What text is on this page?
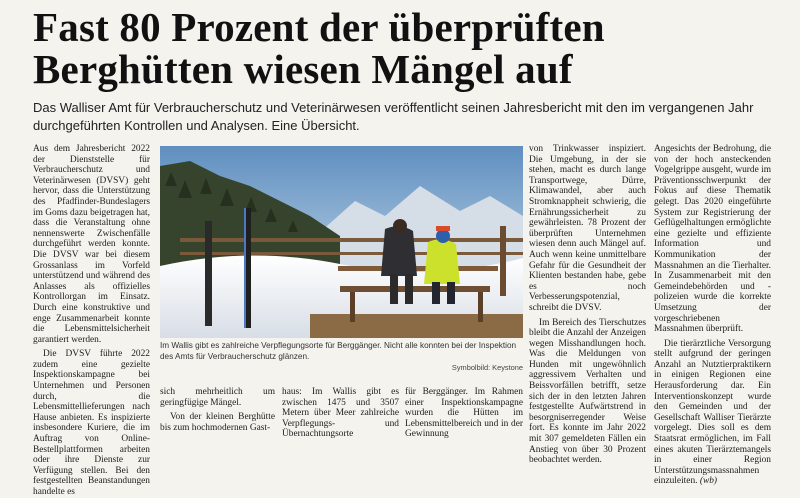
Fast 80 Prozent der überprüften
Berghütten wiesen Mängel auf

Das Walliser Amt für Verbraucherschutz und Veterinärwesen veröffentlicht seinen Jahresbericht mit den im vergangenen Jahr durchgeführten Kontrollen und Analysen. Eine Übersicht.

Aus dem Jahresbericht 2022 der Dienststelle für Verbraucherschutz und Veterinärwesen (DVSV) geht hervor, dass die Unterstützung des Pfadfinder-Bundeslagers im Goms dazu beigetragen hat, dass die Veranstaltung ohne nennenswerte Zwischenfälle durchgeführt werden konnte. Die DVSV war bei diesem Grossanlass im Vorfeld unterstützend und während des Anlasses als offizielles Kontrollorgan im Einsatz. Durch eine konstruktive und enge Zusammenarbeit konnte die Lebensmittelsicherheit garantiert werden.

Die DVSV führte 2022 zudem eine gezielte Inspektionskampagne bei Unternehmen und Personen durch, die Lebensmittellieferungen nach Hause anbieten. Es inspizierte insbesondere Kuriere, die im Auftrag von Online-Bestellplattformen arbeiten oder ihre Dienste zur Verfügung stellen. Bei den festgestellten Beanstandungen handelte es

Im Wallis gibt es zahlreiche Verpflegungsorte für Berggänger. Nicht alle konnten bei der Inspektion des Amts für Verbraucherschutz glänzen.

Symbolbild: Keystone

sich mehrheitlich um geringfügige Mängel.

Von der kleinen Berghütte bis zum hochmodernen Gast-

haus: Im Wallis gibt es zwischen 1475 und 3507 Metern über Meer zahlreiche Verpflegungs- und Übernachtungsorte

für Berggänger. Im Rahmen einer Inspektionskampagne wurden die Hütten im Lebensmittelbereich und in der Gewinnung

von Trinkwasser inspiziert. Die Umgebung, in der sie stehen, macht es durch lange Transportwege, Dürre, Klimawandel, aber auch Stromknappheit schwierig, die Ernährungssicherheit zu gewährleisten. 78 Prozent der überprüften Unternehmen wiesen denn auch Mängel auf. Auch wenn keine unmittelbare Gefahr für die Gesundheit der Klienten bestanden habe, gebe es noch Verbesserungspotenzial, schreibt die DVSV.

Im Bereich des Tierschutzes bleibt die Anzahl der Anzeigen wegen Misshandlungen hoch. Was die Meldungen von Hunden mit ungewöhnlich aggressivem Verhalten und Beissvorfällen betrifft, setze sich der in den letzten Jahren festgestellte Aufwärtstrend in besorgniserregender Weise fort. Es konnte im Jahr 2022 mit 307 gemeldeten Fällen ein Anstieg von über 30 Prozent beobachtet werden.

Angesichts der Bedrohung, die von der hoch ansteckenden Vogelgrippe ausgeht, wurde im Präventionsschwerpunkt der Fokus auf diese Thematik gelegt. Das 2020 eingeführte System zur Registrierung der Geflügelhaltungen ermöglichte eine gezielte und effiziente Information und Kommunikation der Massnahmen an die Tierhalter. In Zusammenarbeit mit den Gemeindebehörden und -polizeien wurde die korrekte Umsetzung der vorgeschriebenen Massnahmen überprüft.

Die tierärztliche Versorgung stellt aufgrund der geringen Anzahl an Nutztierpraktikern in einigen Regionen eine Herausforderung dar. Ein Interventionskonzept wurde den Gemeinden und der Gesellschaft Walliser Tierärzte vorgelegt. Dies soll es dem Staatsrat ermöglichen, im Fall eines akuten Tierärztemangels in einer Region Unterstützungsmassnahmen einzuleiten. (wb)
